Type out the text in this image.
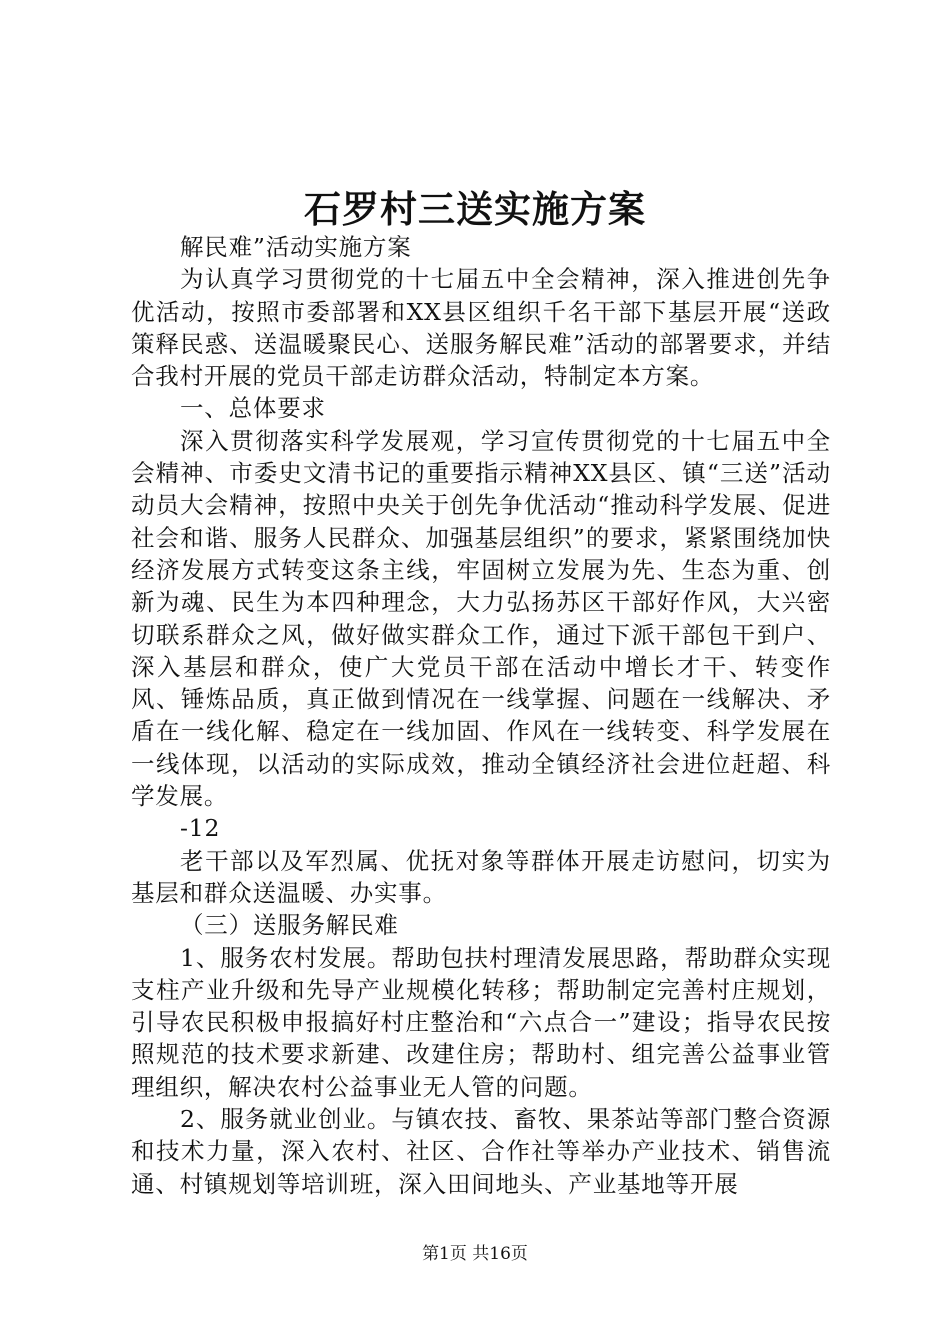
石罗村三送实施方案

解民难”活动实施方案

为认真学习贯彻党的十七届五中全会精神，深入推进创先争优活动，按照市委部署和XX县区组织千名干部下基层开展“送政策释民惑、送温暖聚民心、送服务解民难”活动的部署要求，并结合我村开展的党员干部走访群众活动，特制定本方案。

一、总体要求

深入贯彻落实科学发展观，学习宣传贯彻党的十七届五中全会精神、市委史文清书记的重要指示精神XX县区、镇“三送”活动动员大会精神，按照中央关于创先争优活动“推动科学发展、促进社会和谐、服务人民群众、加强基层组织”的要求，紧紧围绕加快经济发展方式转变这条主线，牢固树立发展为先、生态为重、创新为魂、民生为本四种理念，大力弘扬苏区干部好作风，大兴密切联系群众之风，做好做实群众工作，通过下派干部包干到户、深入基层和群众，使广大党员干部在活动中增长才干、转变作风、锤炼品质，真正做到情况在一线掌握、问题在一线解决、矛盾在一线化解、稳定在一线加固、作风在一线转变、科学发展在一线体现，以活动的实际成效，推动全镇经济社会进位赶超、科学发展。

-12

老干部以及军烈属、优抚对象等群体开展走访慰问，切实为基层和群众送温暖、办实事。

（三）送服务解民难

1、服务农村发展。帮助包扶村理清发展思路，帮助群众实现支柱产业升级和先导产业规模化转移；帮助制定完善村庄规划，引导农民积极申报搞好村庄整治和“六点合一”建设；指导农民按照规范的技术要求新建、改建住房；帮助村、组完善公益事业管理组织，解决农村公益事业无人管的问题。

2、服务就业创业。与镇农技、畜牧、果茶站等部门整合资源和技术力量，深入农村、社区、合作社等举办产业技术、销售流通、村镇规划等培训班，深入田间地头、产业基地等开展

第1页 共16页
